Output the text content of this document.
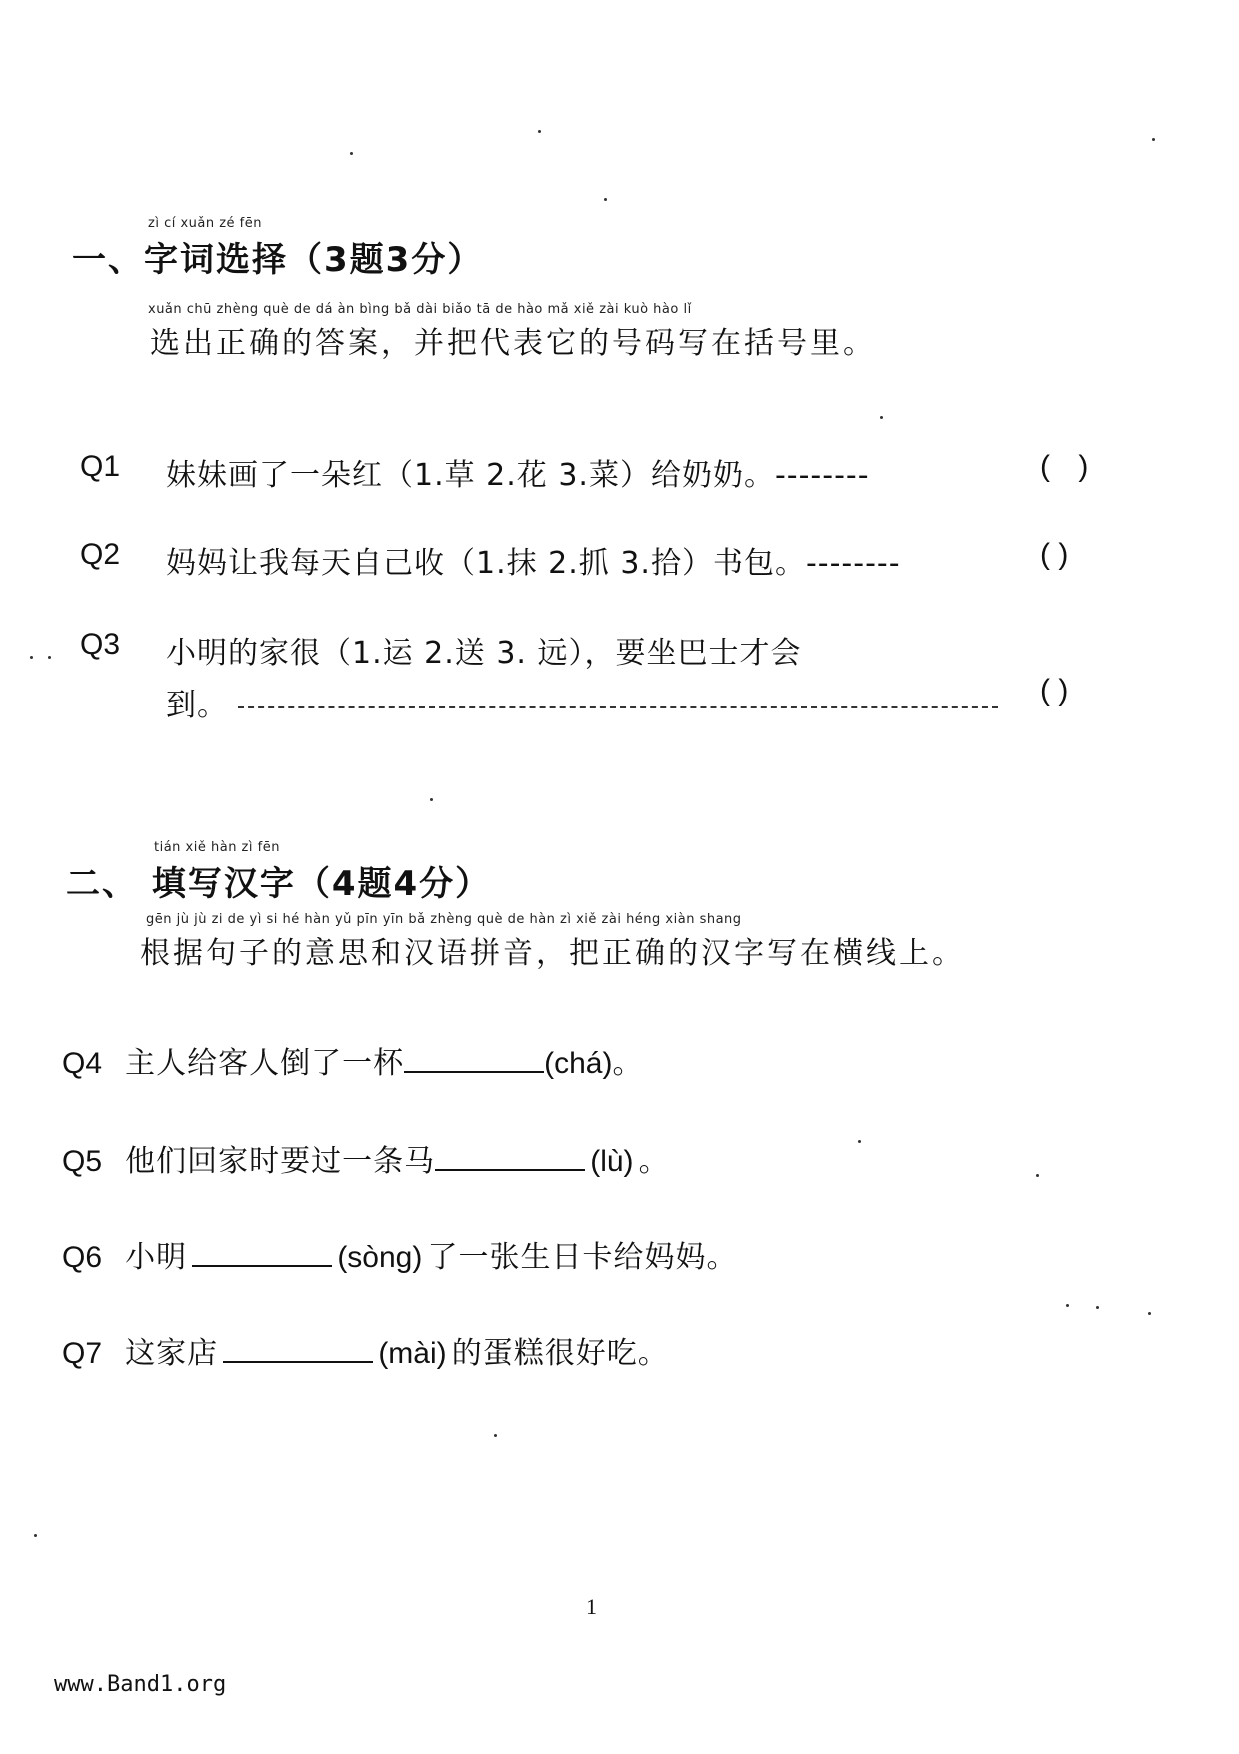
zì cí xuǎn zé fēn
一、字词选择（3题3分）
xuǎn chū zhèng què de dá àn bìng bǎ dài biǎo tā de hào mǎ xiě zài kuò hào lǐ
选出正确的答案，并把代表它的号码写在括号里。
Q1 妹妹画了一朵红（1.草 2.花 3.菜）给奶奶。--------	( )
Q2 妈妈让我每天自己收（1.抹 2.抓 3.拾）书包。--------	( )
Q3 小明的家很（1.运 2.送 3. 远），要坐巴士才会
到。	( )
tián xiě hàn zì fēn
二、 填写汉字（4题4分）
gēn jù jù zi de yì si hé hàn yǔ pīn yīn bǎ zhèng què de hàn zì xiě zài héng xiàn shang
根据句子的意思和汉语拼音，把正确的汉字写在横线上。
Q4 主人给客人倒了一杯	(chá)。
Q5 他们回家时要过一条马	(lù) 。
Q6 小明	(sòng) 了一张生日卡给妈妈。
Q7 这家店	(mài) 的蛋糕很好吃。
1
www.Band1.org
